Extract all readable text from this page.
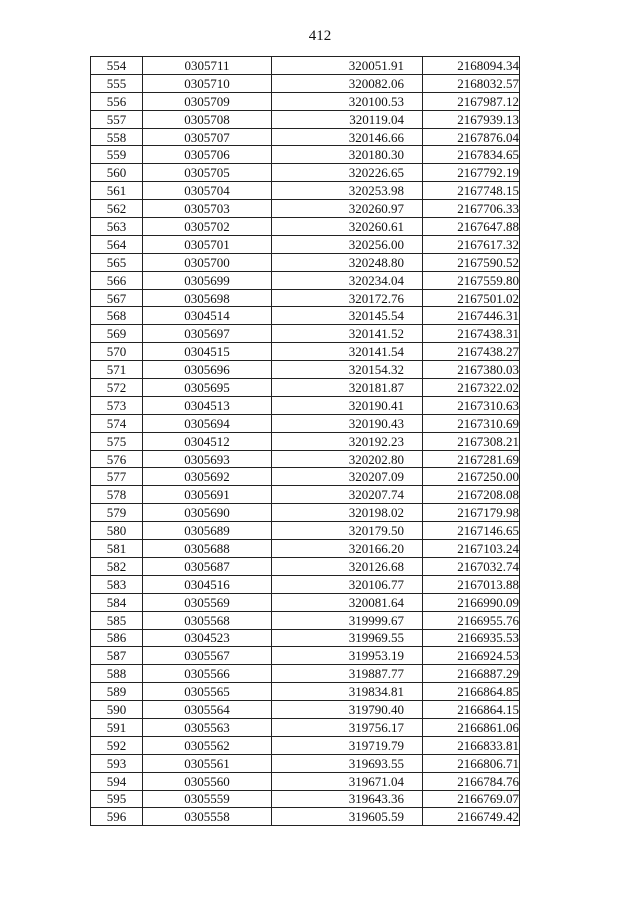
412
554	0305711	320051.91	2168094.34
555	0305710	320082.06	2168032.57
556	0305709	320100.53	2167987.12
557	0305708	320119.04	2167939.13
558	0305707	320146.66	2167876.04
559	0305706	320180.30	2167834.65
560	0305705	320226.65	2167792.19
561	0305704	320253.98	2167748.15
562	0305703	320260.97	2167706.33
563	0305702	320260.61	2167647.88
564	0305701	320256.00	2167617.32
565	0305700	320248.80	2167590.52
566	0305699	320234.04	2167559.80
567	0305698	320172.76	2167501.02
568	0304514	320145.54	2167446.31
569	0305697	320141.52	2167438.31
570	0304515	320141.54	2167438.27
571	0305696	320154.32	2167380.03
572	0305695	320181.87	2167322.02
573	0304513	320190.41	2167310.63
574	0305694	320190.43	2167310.69
575	0304512	320192.23	2167308.21
576	0305693	320202.80	2167281.69
577	0305692	320207.09	2167250.00
578	0305691	320207.74	2167208.08
579	0305690	320198.02	2167179.98
580	0305689	320179.50	2167146.65
581	0305688	320166.20	2167103.24
582	0305687	320126.68	2167032.74
583	0304516	320106.77	2167013.88
584	0305569	320081.64	2166990.09
585	0305568	319999.67	2166955.76
586	0304523	319969.55	2166935.53
587	0305567	319953.19	2166924.53
588	0305566	319887.77	2166887.29
589	0305565	319834.81	2166864.85
590	0305564	319790.40	2166864.15
591	0305563	319756.17	2166861.06
592	0305562	319719.79	2166833.81
593	0305561	319693.55	2166806.71
594	0305560	319671.04	2166784.76
595	0305559	319643.36	2166769.07
596	0305558	319605.59	2166749.42
